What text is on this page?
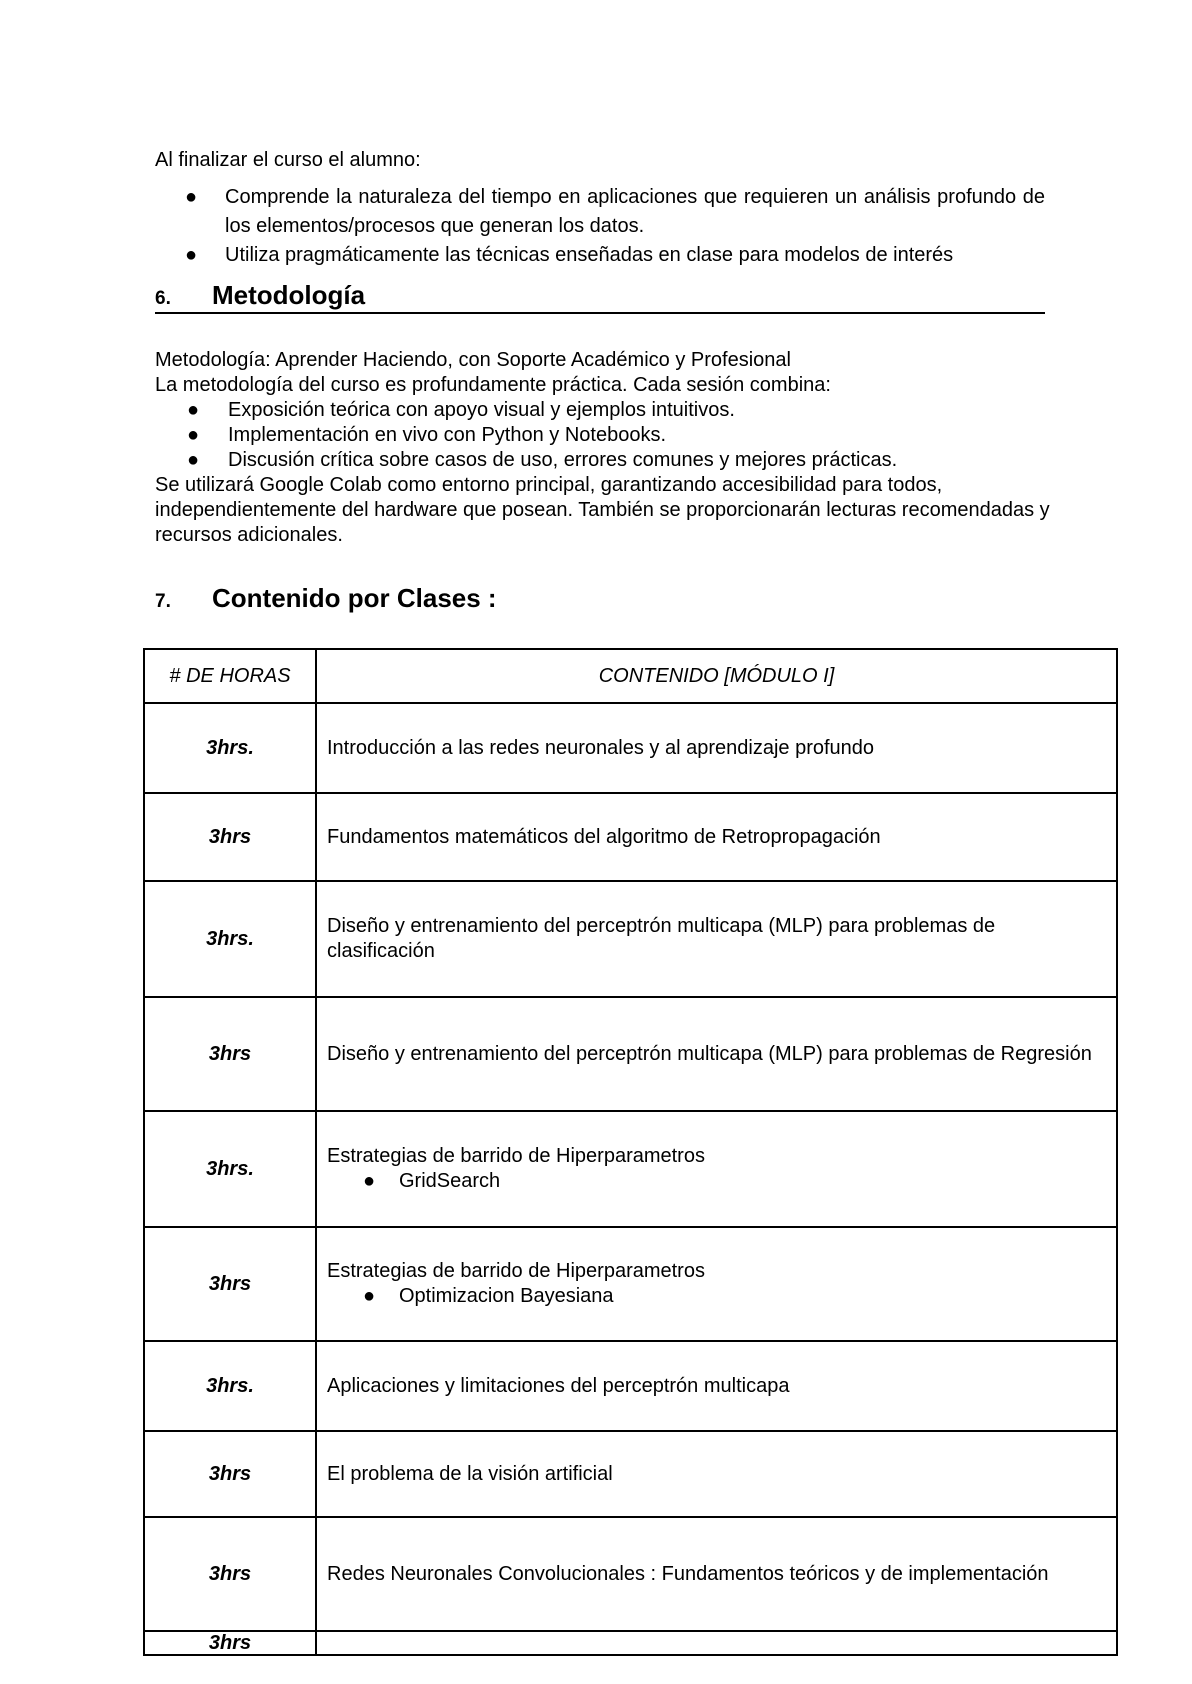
Al finalizar el curso el alumno:
● Comprende la naturaleza del tiempo en aplicaciones que requieren un análisis profundo de los elementos/procesos que generan los datos.
● Utiliza pragmáticamente las técnicas enseñadas en clase para modelos de interés
6. Metodología

Metodología: Aprender Haciendo, con Soporte Académico y Profesional

La metodología del curso es profundamente práctica. Cada sesión combina:

● Exposición teórica con apoyo visual y ejemplos intuitivos.
● Implementación en vivo con Python y Notebooks.
● Discusión crítica sobre casos de uso, errores comunes y mejores prácticas.

Se utilizará Google Colab como entorno principal, garantizando accesibilidad para todos, independientemente del hardware que posean. También se proporcionarán lecturas recomendadas y recursos adicionales.

7. Contenido por Clases :
# DE HORAS	CONTENIDO [MÓDULO I]
3hrs.	Introducción a las redes neuronales y al aprendizaje profundo
3hrs	Fundamentos matemáticos del algoritmo de Retropropagación
3hrs.	Diseño y entrenamiento del perceptrón multicapa (MLP) para problemas de clasificación
3hrs	Diseño y entrenamiento del perceptrón multicapa (MLP) para problemas de Regresión
3hrs.	Estrategias de barrido de Hiperparametros
● GridSearch

3hrs	Estrategias de barrido de Hiperparametros
● Optimizacion Bayesiana

3hrs.	Aplicaciones y limitaciones del perceptrón multicapa
3hrs	El problema de la visión artificial
3hrs	Redes Neuronales Convolucionales : Fundamentos teóricos y de implementación
3hrs	
